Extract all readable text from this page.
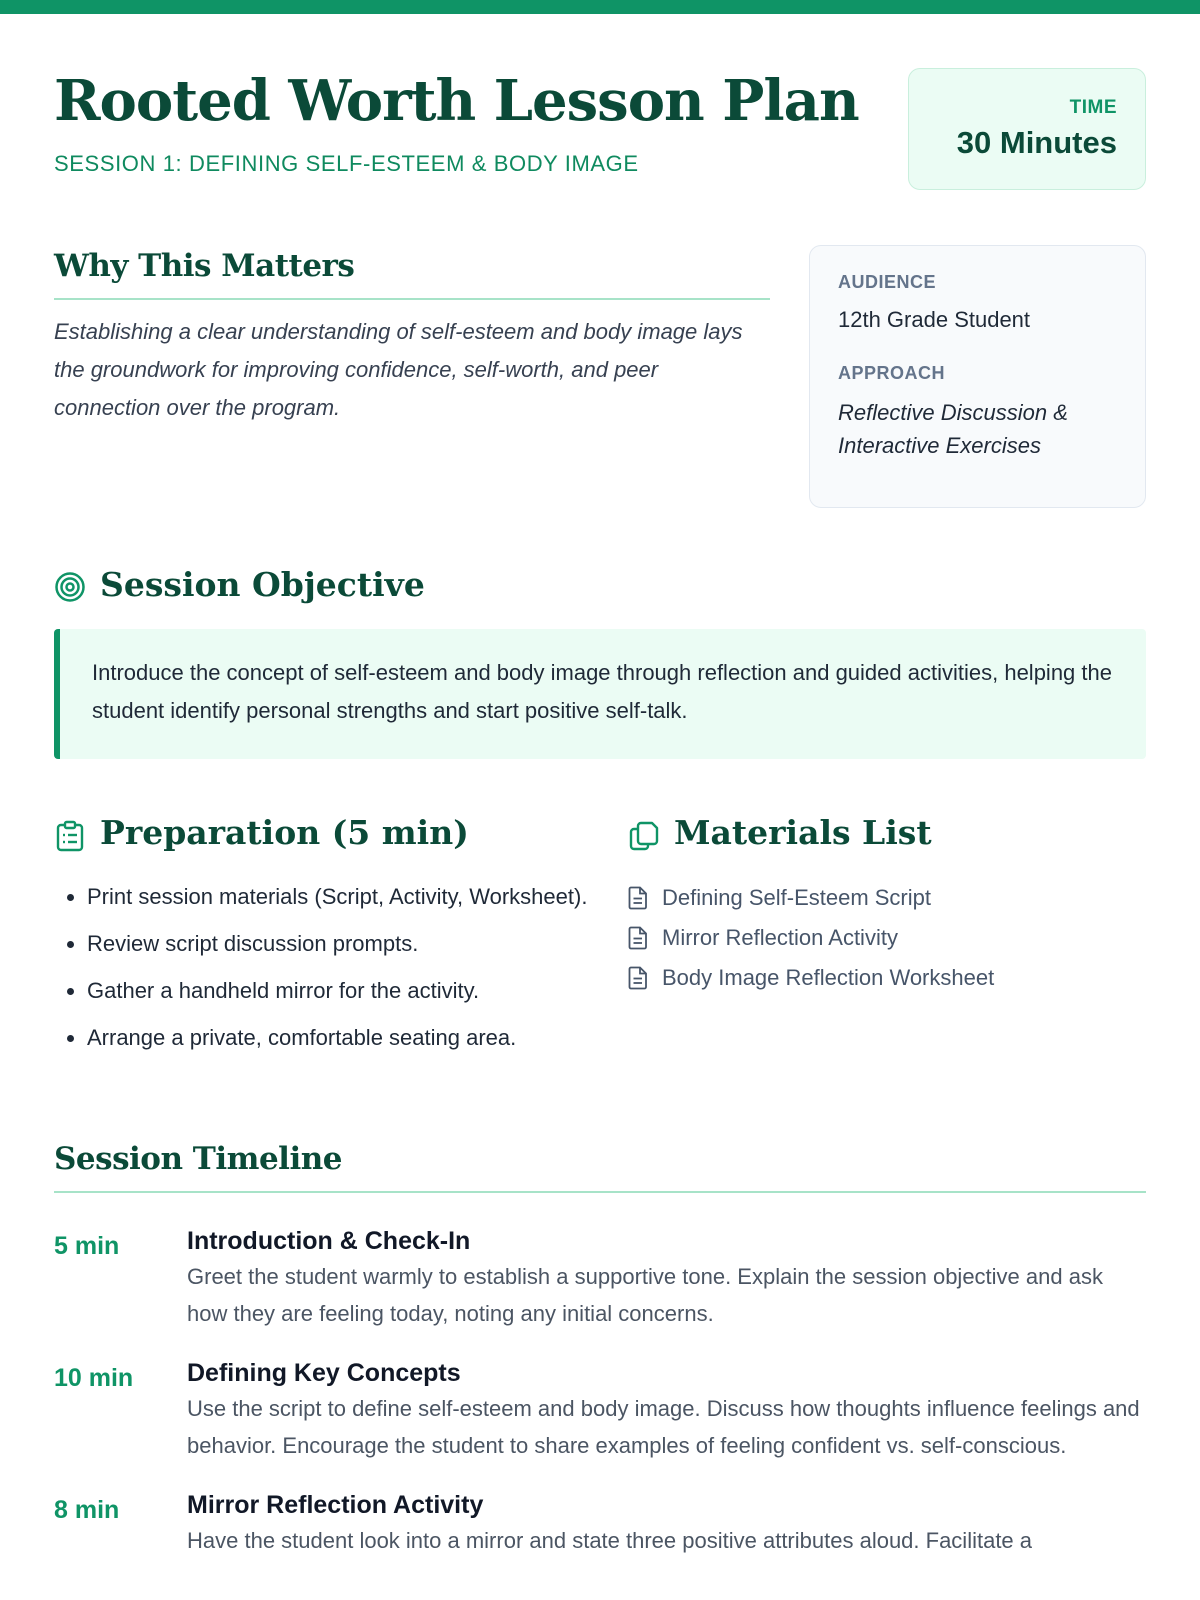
Rooted Worth Lesson Plan
SESSION 1: DEFINING SELF-ESTEEM & BODY IMAGE
TIME
30 Minutes
Why This Matters
Establishing a clear understanding of self-esteem and body image lays the groundwork for improving confidence, self-worth, and peer connection over the program.
AUDIENCE
12th Grade Student
APPROACH
Reflective Discussion & Interactive Exercises
Session Objective
Introduce the concept of self-esteem and body image through reflection and guided activities, helping the student identify personal strengths and start positive self-talk.
Preparation (5 min)
• Print session materials (Script, Activity, Worksheet).
• Review script discussion prompts.
• Gather a handheld mirror for the activity.
• Arrange a private, comfortable seating area.
Materials List
Defining Self-Esteem Script
Mirror Reflection Activity
Body Image Reflection Worksheet
Session Timeline
5 min	Introduction & Check-In
Greet the student warmly to establish a supportive tone. Explain the session objective and ask how they are feeling today, noting any initial concerns.
10 min	Defining Key Concepts
Use the script to define self-esteem and body image. Discuss how thoughts influence feelings and behavior. Encourage the student to share examples of feeling confident vs. self-conscious.
8 min	Mirror Reflection Activity
Have the student look into a mirror and state three positive attributes aloud. Facilitate a
